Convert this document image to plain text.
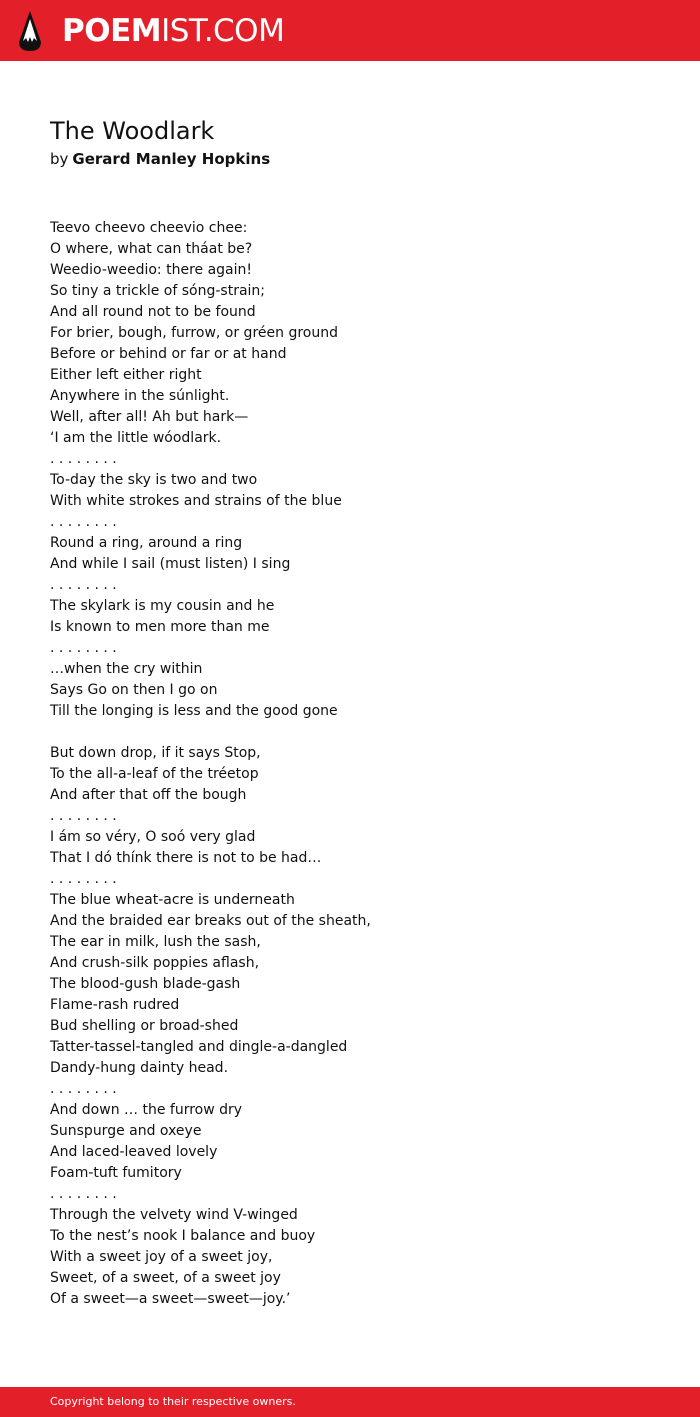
POEMIST.COM
The Woodlark
by Gerard Manley Hopkins
Teevo cheevo cheevio chee:
O where, what can tháat be?
Weedio-weedio: there again!
So tiny a trickle of sóng-strain;
And all round not to be found
For brier, bough, furrow, or gréen ground
Before or behind or far or at hand
Either left either right
Anywhere in the súnlight.
Well, after all! Ah but hark—
‘I am the little wóodlark.
. . . . . . . .
To-day the sky is two and two
With white strokes and strains of the blue
. . . . . . . .
Round a ring, around a ring
And while I sail (must listen) I sing
. . . . . . . .
The skylark is my cousin and he
Is known to men more than me
. . . . . . . .
…when the cry within
Says Go on then I go on
Till the longing is less and the good gone
But down drop, if it says Stop,
To the all-a-leaf of the tréetop
And after that off the bough
. . . . . . . .
I ám so véry, O soó very glad
That I dó thínk there is not to be had…
. . . . . . . .
The blue wheat-acre is underneath
And the braided ear breaks out of the sheath,
The ear in milk, lush the sash,
And crush-silk poppies aflash,
The blood-gush blade-gash
Flame-rash rudred
Bud shelling or broad-shed
Tatter-tassel-tangled and dingle-a-dangled
Dandy-hung dainty head.
. . . . . . . .
And down … the furrow dry
Sunspurge and oxeye
And laced-leaved lovely
Foam-tuft fumitory
. . . . . . . .
Through the velvety wind V-winged
To the nest’s nook I balance and buoy
With a sweet joy of a sweet joy,
Sweet, of a sweet, of a sweet joy
Of a sweet—a sweet—sweet—joy.’
Copyright belong to their respective owners.
